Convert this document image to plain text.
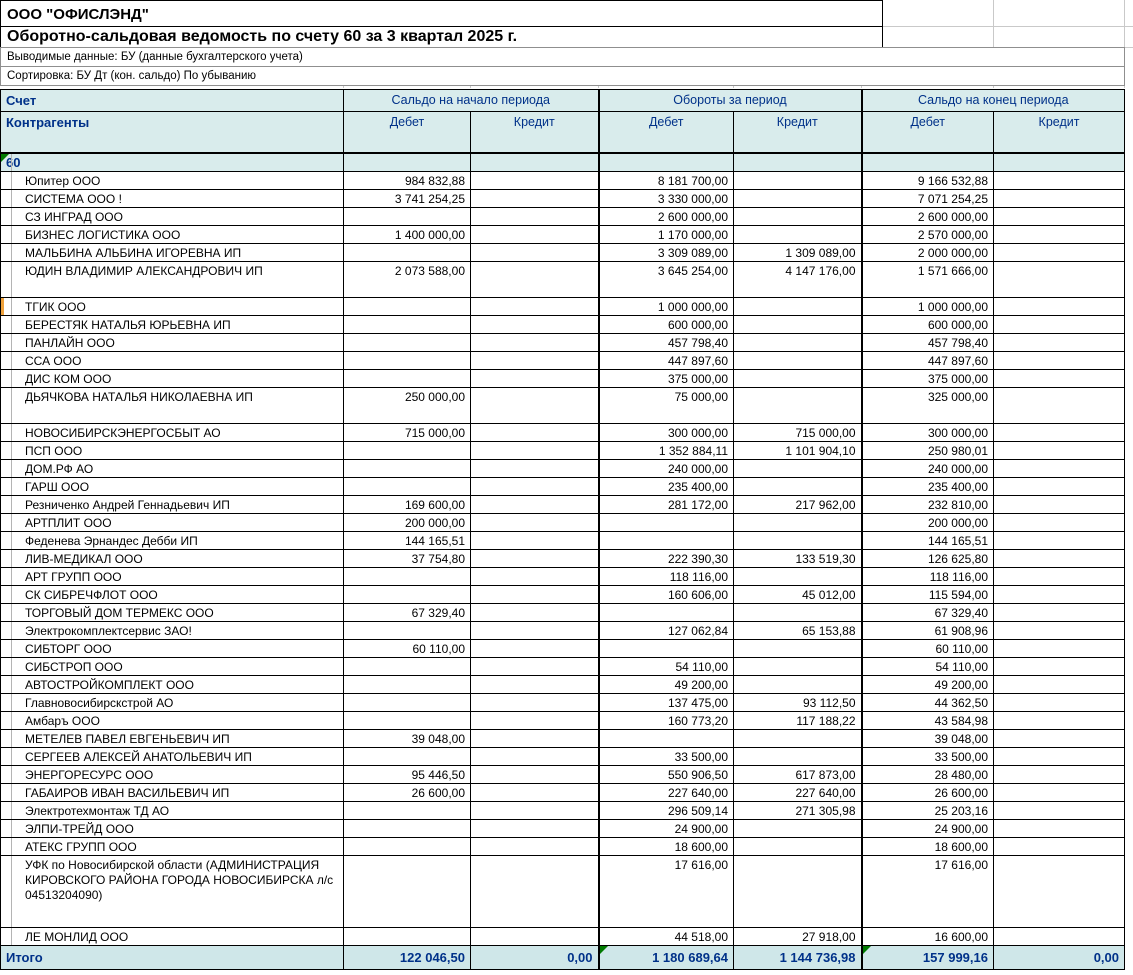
ООО "ОФИСЛЭНД"
Оборотно-сальдовая ведомость по счету 60 за 3 квартал 2025 г.
Выводимые данные: БУ (данные бухгалтерского учета)
Сортировка: БУ Дт (кон. сальдо) По убыванию
Счет	Сальдо на начало периода		Обороты за период		Сальдо на конец периода	
Контрагенты	Дебет	Кредит	Дебет	Кредит	Дебет	Кредит
60

Юпитер ООО	984 832,88		8 181 700,00		9 166 532,88	

СИСТЕМА ООО !	3 741 254,25		3 330 000,00		7 071 254,25	

СЗ ИНГРАД ООО			2 600 000,00		2 600 000,00	

БИЗНЕС ЛОГИСТИКА ООО	1 400 000,00		1 170 000,00		2 570 000,00	

МАЛЬБИНА АЛЬБИНА ИГОРЕВНА ИП			3 309 089,00	1 309 089,00	2 000 000,00	

ЮДИН ВЛАДИМИР АЛЕКСАНДРОВИЧ ИП	2 073 588,00		3 645 254,00	4 147 176,00	1 571 666,00	

ТГИК ООО			1 000 000,00		1 000 000,00	

БЕРЕСТЯК НАТАЛЬЯ ЮРЬЕВНА ИП			600 000,00		600 000,00	

ПАНЛАЙН ООО			457 798,40		457 798,40	

ССА ООО			447 897,60		447 897,60	

ДИС КОМ ООО			375 000,00		375 000,00	

ДЬЯЧКОВА НАТАЛЬЯ НИКОЛАЕВНА ИП	250 000,00		75 000,00		325 000,00	

НОВОСИБИРСКЭНЕРГОСБЫТ АО	715 000,00		300 000,00	715 000,00	300 000,00	

ПСП ООО			1 352 884,11	1 101 904,10	250 980,01	

ДОМ.РФ АО			240 000,00		240 000,00	

ГАРШ ООО			235 400,00		235 400,00	

Резниченко Андрей Геннадьевич ИП	169 600,00		281 172,00	217 962,00	232 810,00	

АРТПЛИТ ООО	200 000,00				200 000,00	

Феденева Эрнандес Дебби ИП	144 165,51				144 165,51	

ЛИВ-МЕДИКАЛ ООО	37 754,80		222 390,30	133 519,30	126 625,80	

АРТ ГРУПП ООО			118 116,00		118 116,00	

СК СИБРЕЧФЛОТ ООО			160 606,00	45 012,00	115 594,00	

ТОРГОВЫЙ ДОМ ТЕРМЕКС ООО	67 329,40				67 329,40	

Электрокомплектсервис ЗАО!			127 062,84	65 153,88	61 908,96	

СИБТОРГ ООО	60 110,00				60 110,00	

СИБСТРОП ООО			54 110,00		54 110,00	

АВТОСТРОЙКОМПЛЕКТ ООО			49 200,00		49 200,00	

Главновосибирскстрой АО			137 475,00	93 112,50	44 362,50	

Амбаръ ООО			160 773,20	117 188,22	43 584,98	

МЕТЕЛЕВ ПАВЕЛ ЕВГЕНЬЕВИЧ ИП	39 048,00				39 048,00	

СЕРГЕЕВ АЛЕКСЕЙ АНАТОЛЬЕВИЧ ИП			33 500,00		33 500,00	

ЭНЕРГОРЕСУРС ООО	95 446,50		550 906,50	617 873,00	28 480,00	

ГАБАИРОВ ИВАН ВАСИЛЬЕВИЧ ИП	26 600,00		227 640,00	227 640,00	26 600,00	

Электротехмонтаж ТД АО			296 509,14	271 305,98	25 203,16	

ЭЛПИ-ТРЕЙД ООО			24 900,00		24 900,00	

АТЕКС ГРУПП ООО			18 600,00		18 600,00	

УФК по Новосибирской области (АДМИНИСТРАЦИЯ КИРОВСКОГО РАЙОНА ГОРОДА НОВОСИБИРСКА л/с 04513204090)			17 616,00		17 616,00	

ЛЕ МОНЛИД ООО			44 518,00	27 918,00	16 600,00	
Итого	122 046,50	0,00	1 180 689,64	1 144 736,98	157 999,16	0,00
